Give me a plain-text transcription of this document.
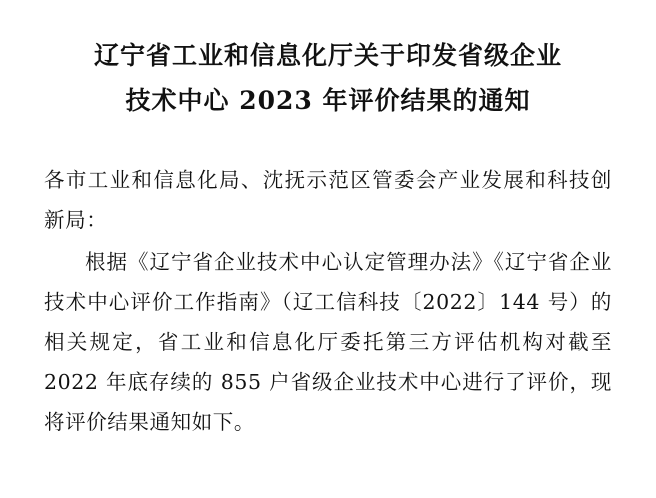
辽宁省工业和信息化厅关于印发省级企业
技术中心 2023 年评价结果的通知

各市工业和信息化局、沈抚示范区管委会产业发展和科技创新局：

根据《辽宁省企业技术中心认定管理办法》《辽宁省企业技术中心评价工作指南》（辽工信科技〔2022〕144 号）的相关规定，省工业和信息化厅委托第三方评估机构对截至 2022 年底存续的 855 户省级企业技术中心进行了评价，现将评价结果通知如下。
